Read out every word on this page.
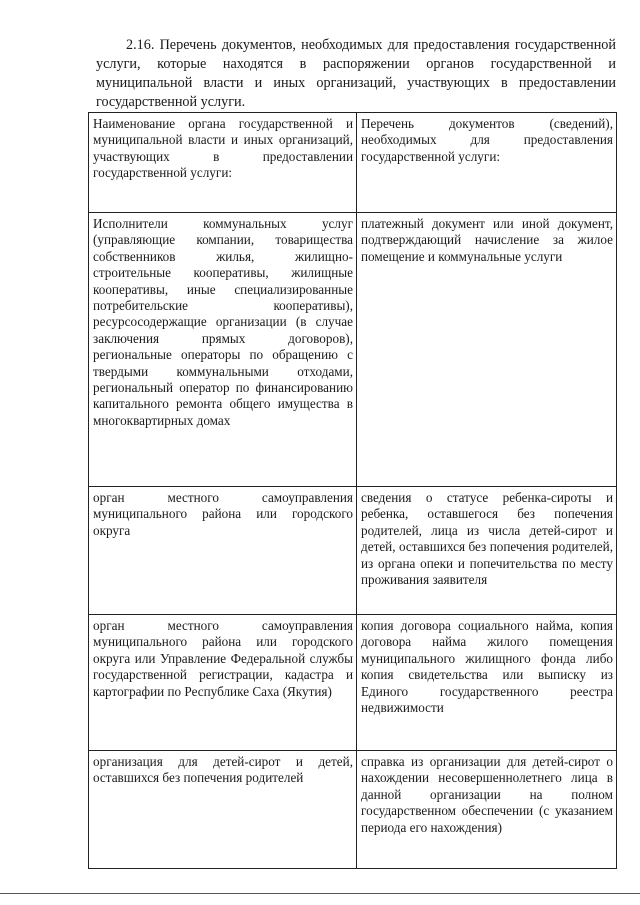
2.16. Перечень документов, необходимых для предоставления государственной услуги, которые находятся в распоряжении органов государственной и муниципальной власти и иных организаций, участвующих в предоставлении государственной услуги.

Наименование органа государственной и муниципальной власти и иных организаций, участвующих в предоставлении государственной услуги:	Перечень документов (сведений), необходимых для предоставления государственной услуги:

Исполнители коммунальных услуг (управляющие компании, товарищества собственников жилья, жилищно-строительные кооперативы, жилищные кооперативы, иные специализированные потребительские кооперативы), ресурсосодержащие организации (в случае заключения прямых договоров), региональные операторы по обращению с твердыми коммунальными отходами, региональный оператор по финансированию капитального ремонта общего имущества в многоквартирных домах	платежный документ или иной документ, подтверждающий начисление за жилое помещение и коммунальные услуги

орган местного самоуправления муниципального района или городского округа	сведения о статусе ребенка-сироты и ребенка, оставшегося без попечения родителей, лица из числа детей-сирот и детей, оставшихся без попечения родителей, из органа опеки и попечительства по месту проживания заявителя

орган местного самоуправления муниципального района или городского округа или Управление Федеральной службы государственной регистрации, кадастра и картографии по Республике Саха (Якутия)	копия договора социального найма, копия договора найма жилого помещения муниципального жилищного фонда либо копия свидетельства или выписку из Единого государственного реестра недвижимости

организация для детей-сирот и детей, оставшихся без попечения родителей	справка из организации для детей-сирот о нахождении несовершеннолетнего лица в данной организации на полном государственном обеспечении (с указанием периода его нахождения)
